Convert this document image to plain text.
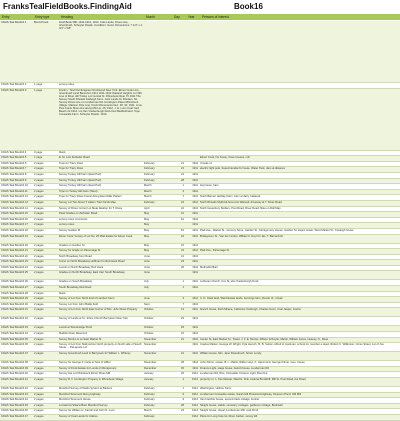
FranksTealFieldBooks.FindingAid	Book16
Entry	Entry type	Heading	Month	Day	Year Persons of Interest
CDHS Teal Book16.1	Bound book	Field Book 386, 1911-1912, 1913. Cole Lands, Dixes Line, Greenbush, Schuyler Roads. Condition: Good. Dimensions: 7 1/4" x 4 3/4" x 5/8"				
CDHS Teal Book16.2	1 page	survey index				
CDHS Teal Book16.3	1 page	Frank L. Teal Civil Engineer Rockwood New York. Elmer Cook Line, Greenbush Land Bamerton 1911 1911-1912 Oakland Heights Lot 199 Line of River Hill Trolley Lot Central St. Rhinebeck Rear 70 1911 The Survey South Rhoads Fairleigh Farm. Cole Lands for Rhoden, No Survey Dixes Line on Lunderman Rd. Huntington Place Rhinebeck Village. Mattson Pole Line, Finck Monuments Dec. 28, 30, 1911. Lime Pine Frank Dixes line along Mill Lot, 26, 1912. J. E. Lunn Coal Yard Beach 22 1912. Lot Van Vredenburgh Dock Deri Bedfield land. Topo Coxsackie Farm. Schuyler Roads. 1913.				
CDHS Teal Book16.4	3 page	blank				
CDHS Teal Book16.5	1 page	E. M. Low Zerbeiter Road				Elmer Cook, his house, three houses, mill
CDHS Teal Book16.6	2 pages	Topo for Tracy Drew	February	21	1911	Crooks rd
CDHS Teal Book16.7	2 pages	Topo for Tracy Drew	February	21	1911	electric light pole, Superintendent's house, Water Tank, dam at distance
CDHS Teal Book16.8	2 pages	Survey Turkey Hill Farm (East Part)	February	21	1911	
CDHS Teal Book16.9	2 pages	Survey Turkey Hill Farm (East Part)	February	28	1911	
CDHS Teal Book16.10	2 pages	Survey Turkey Hill Farm (East Part)	March	1	1911	fog house, barn
CDHS Teal Book16.11	2 pages	Topo on Turkey Hill Farm (West)	March	3	1911	
CDHS Teal Book16.12	2 pages	Topo for Tracy Dixes Forest Along East Hillar Pattern	March	7	1911	North Banner Holiday Farm, barn at dairy, bakkesk
CDHS Teal Book16.13	2 pages	Survey Lot Tier About T station Tract Kinds Map	February	24	1911	North Rhoads Mythical Area cow Warwell, driveway at T. Dixes Road
CDHS Teal Book16.14	2 pages	Survey of Dixes Corner Lot Meat Dealtop for T. Dixes	April	22	1911	North Greenbury Stollers, Post Road, River Road, Rise on Roll Map
CDHS Teal Book16.15	2 pages	Pearl Grades on Zerbeiter Road	May	12	1911	
CDHS Teal Book16.16	2 pages	survey notes comments	May	12	1911	
CDHS Teal Book16.17	2 pages	survey notes	May		1911	
CDHS Teal Book16.18	2 pages	Survey Garden M	May	16	1911	Platt Ave., Market St., Grocery Store, Garden St., Montgomery House, Garden St. steam sewer, West Market St., Foeleigh house
CDHS Teal Book16.19	2 pages	Elmer Cook, Survey of Lot No. 26 Platt Estate for Elmer Cook	May	24	1911	Bridegroom St., Van der Linden, William F. Hoyt for Jas. T. Barnard lot
CDHS Teal Book16.20	2 pages	Grades on Garden St	May	31	1911	
CDHS Teal Book16.21	2 pages	Survey for Grade on Parsonage St	May	31	1911	Platt Ave., Parsonage St.
CDHS Teal Book16.22	2 pages	North Broadway Kent Road	June	21	1911	
CDHS Teal Book16.23	2 pages	Curve on North Broadway Hoffman fro Red Hook Road	June	23	1911	
CDHS Teal Book16.24	2 pages	Levels on North Broadway Red Hook	June	26	1911	Methodist Barn
CDHS Teal Book16.25	2 pages	Grades on North Broadway, East Carr South Broadway	June		1911	
CDHS Teal Book16.26	2 pages	Grades on South Broadway	July	1	1911	Lutheran Church, Fox St, Van Vredenburgh Dock
CDHS Teal Book16.27	2 pages	South Broadway Red Hook	July	1	1911	
CDHS Teal Book16.28	2 pages	blank				
CDHS Teal Book16.29	2 pages	Survey of Lot from North End of Lambert Farm	June	3	1911	C. D. Clark land, Ward Estate lands, Jennings farm, Dexter rd., Creek
CDHS Teal Book16.30	2 pages	Survey Lot from John Battle field	Sept	7	1911	
CDHS Teal Book16.31	2 pages	Survey of Lot from North East Corner of Mrs. John Dixes Property	October	14	1911	branch house, Ruth Mirana, Catherine Vosburgh, Charles Gunn, Coal Jasper, Gorton
CDHS Teal Book16.32	2 pages	Survey of Lands at St. Johns Church Barrytown New York	October	23	1911	
CDHS Teal Book16.33	2 pages	Levels at Stonehedge Pond	October	26	1911	
CDHS Teal Book16.34	2 pages	Maddox Dam Reservoir	October	31	1911	
CDHS Teal Book16.35	2 pages	Survey Monk Lot on East Market St	November	21	1911	Center St, East Market St., Tower, J. F. E. Mercer, Wilson Schuyler, Martin, William Jones, Heaney Jr., Rose
CDHS Teal Book16.36	2 pages	Survey of Lot from Stall portion North property on North side of South Street ... DeLaporte Lot	November		1911	Cowles Marker, George W. Wright, Fyfe Hersch, M. B. Sutton, Alfred H. Hartman, school lot, member a deed, Robert C. Wilkinson, Cross Street, Lot of Jos.
CDHS Teal Book16.37	2 pages	Survey Greenbush Land in Barrytown for William L. Whitney	November	21	1911	William Heroe, Mrs. Jane Rosenbush, Scism Lundy
CDHS Teal Book16.38	2 pages	Survey for George F. Carle to Tess of Hillier	December	28	1911	John Kilmer, estate, B. L. Mattis, Wilbur Hoyt, K. Hammond, George Kilmer, Geo. Caves
CDHS Teal Book16.39	2 pages	Survey of Finck Estate for Lunds of Montgomery	December	30	1911	Finance Light, stage house, barrett house, Lunderman Rd
CDHS Teal Book16.40	2 pages	Survey line Lot Rhinebeck Elmer Dixes Mill	January	26	1912	Lunderman Rd, W.H. Crossdale, Finance Light, Bost line
CDHS Teal Book16.41	2 pages	Survey R. F. Huntington Property in Rhinebeck Village	January	4	1912	property no. 1, Kent Estate, Ward E. Fink, Helena Brookhiff, Mill St. Post Road, Ast Road
CDHS Teal Book16.42	2 pages	Montford Survey of Radio System at Barkers	February	1	1912	Washington, Hollow, Farm
CDHS Teal Book16.43	2 pages	Montford Tenement Along Highway	February	9	1912	Lunderman Coxsackie estate, Sarah Gill Pinewood Highway, Simpson Pond, Old Mill
CDHS Teal Book16.44	2 pages	Montford Tenement House	February	9	1912	Van bretcher house, second track cottage, lumber
CDHS Teal Book16.45	2 pages	Located at Shiarst Barn Montford Survey	February	28	1912	Sleight house, stable, cemetery cottages, gardener cottage, Bookwell
CDHS Teal Book16.46	2 pages	Survey for William H. Carroll and John D. Lunn	March	23	1912	Sleight house, Hupel, Lunderman Mill, coal Pond
CDHS Teal Book16.47	2 pages	Survey of Coal Lands for Adams	February		1912	Plans for Lung Cole lot, River, barber, survey kill
